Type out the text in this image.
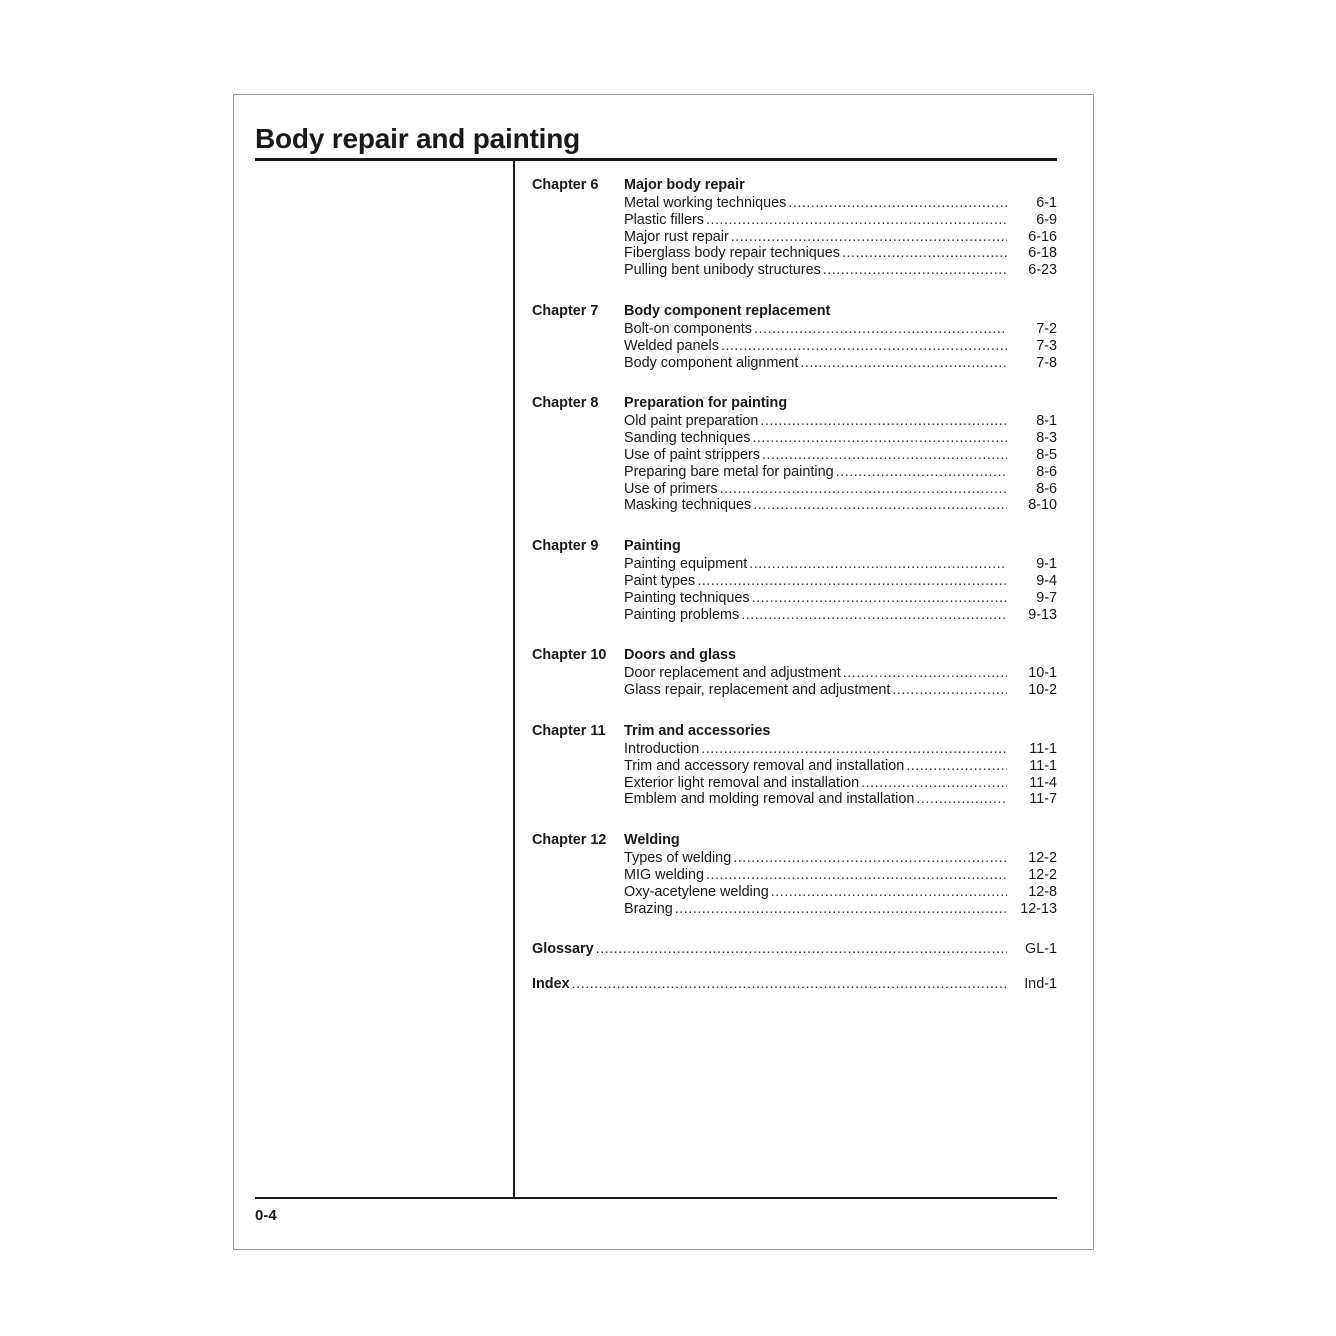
Body repair and painting
Chapter 6	Major body repair
Metal working techniques .....	6-1
Plastic fillers .....	6-9
Major rust repair .....	6-16
Fiberglass body repair techniques .....	6-18
Pulling bent unibody structures .....	6-23
Chapter 7	Body component replacement
Bolt-on components .....	7-2
Welded panels .....	7-3
Body component alignment .....	7-8
Chapter 8	Preparation for painting
Old paint preparation .....	8-1
Sanding techniques .....	8-3
Use of paint strippers .....	8-5
Preparing bare metal for painting .....	8-6
Use of primers .....	8-6
Masking techniques .....	8-10
Chapter 9	Painting
Painting equipment .....	9-1
Paint types .....	9-4
Painting techniques .....	9-7
Painting problems .....	9-13
Chapter 10	Doors and glass
Door replacement and adjustment .....	10-1
Glass repair, replacement and adjustment .....	10-2
Chapter 11	Trim and accessories
Introduction .....	11-1
Trim and accessory removal and installation .....	11-1
Exterior light removal and installation .....	11-4
Emblem and molding removal and installation .....	11-7
Chapter 12	Welding
Types of welding .....	12-2
MIG welding .....	12-2
Oxy-acetylene welding .....	12-8
Brazing .....	12-13
Glossary .....	GL-1
Index .....	Ind-1
0-4
